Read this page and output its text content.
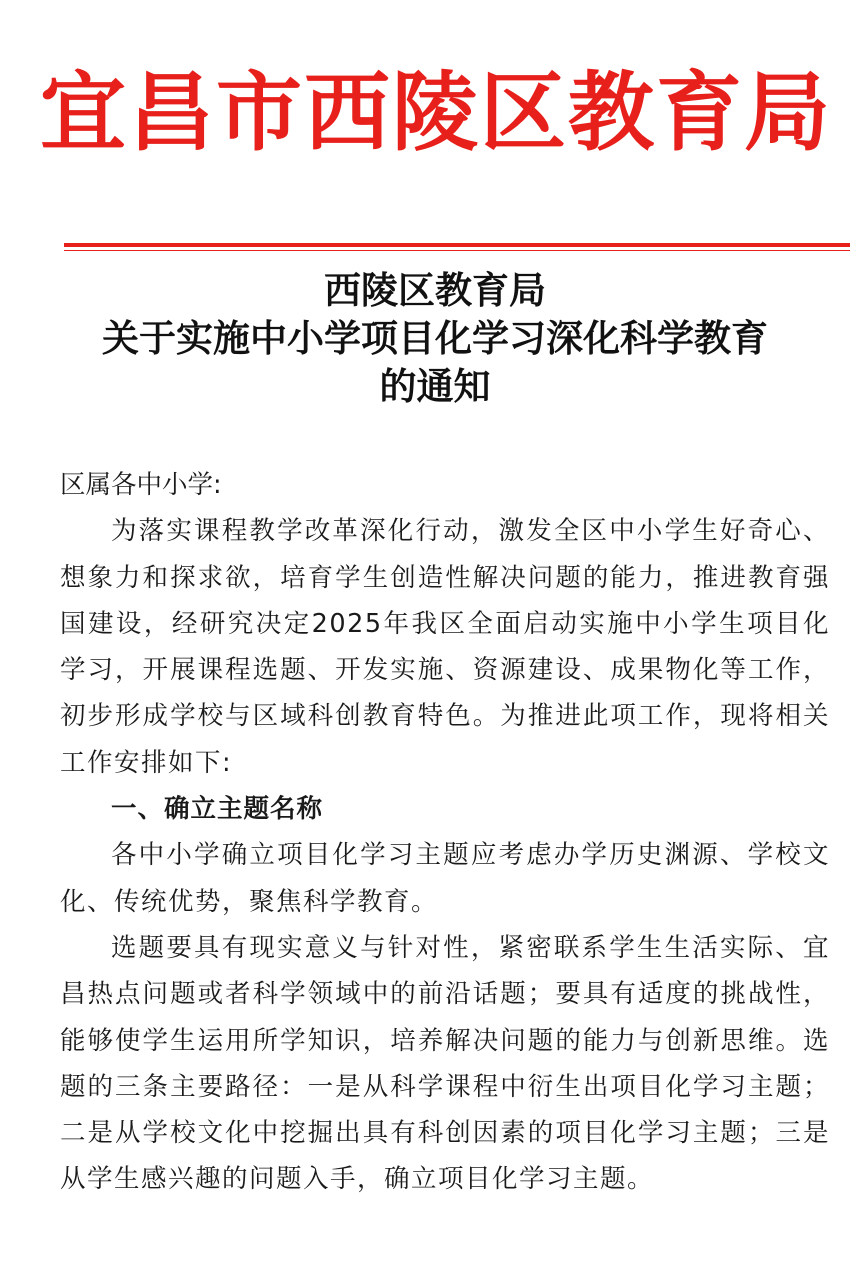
宜昌市西陵区教育局
西陵区教育局
关于实施中小学项目化学习深化科学教育
的通知

区属各中小学:

为落实课程教学改革深化行动，激发全区中小学生好奇心、想象力和探求欲，培育学生创造性解决问题的能力，推进教育强国建设，经研究决定2025年我区全面启动实施中小学生项目化学习，开展课程选题、开发实施、资源建设、成果物化等工作，初步形成学校与区域科创教育特色。为推进此项工作，现将相关工作安排如下:

一、确立主题名称

各中小学确立项目化学习主题应考虑办学历史渊源、学校文化、传统优势，聚焦科学教育。

选题要具有现实意义与针对性，紧密联系学生生活实际、宜昌热点问题或者科学领域中的前沿话题；要具有适度的挑战性，能够使学生运用所学知识，培养解决问题的能力与创新思维。选题的三条主要路径：一是从科学课程中衍生出项目化学习主题；二是从学校文化中挖掘出具有科创因素的项目化学习主题；三是从学生感兴趣的问题入手，确立项目化学习主题。
